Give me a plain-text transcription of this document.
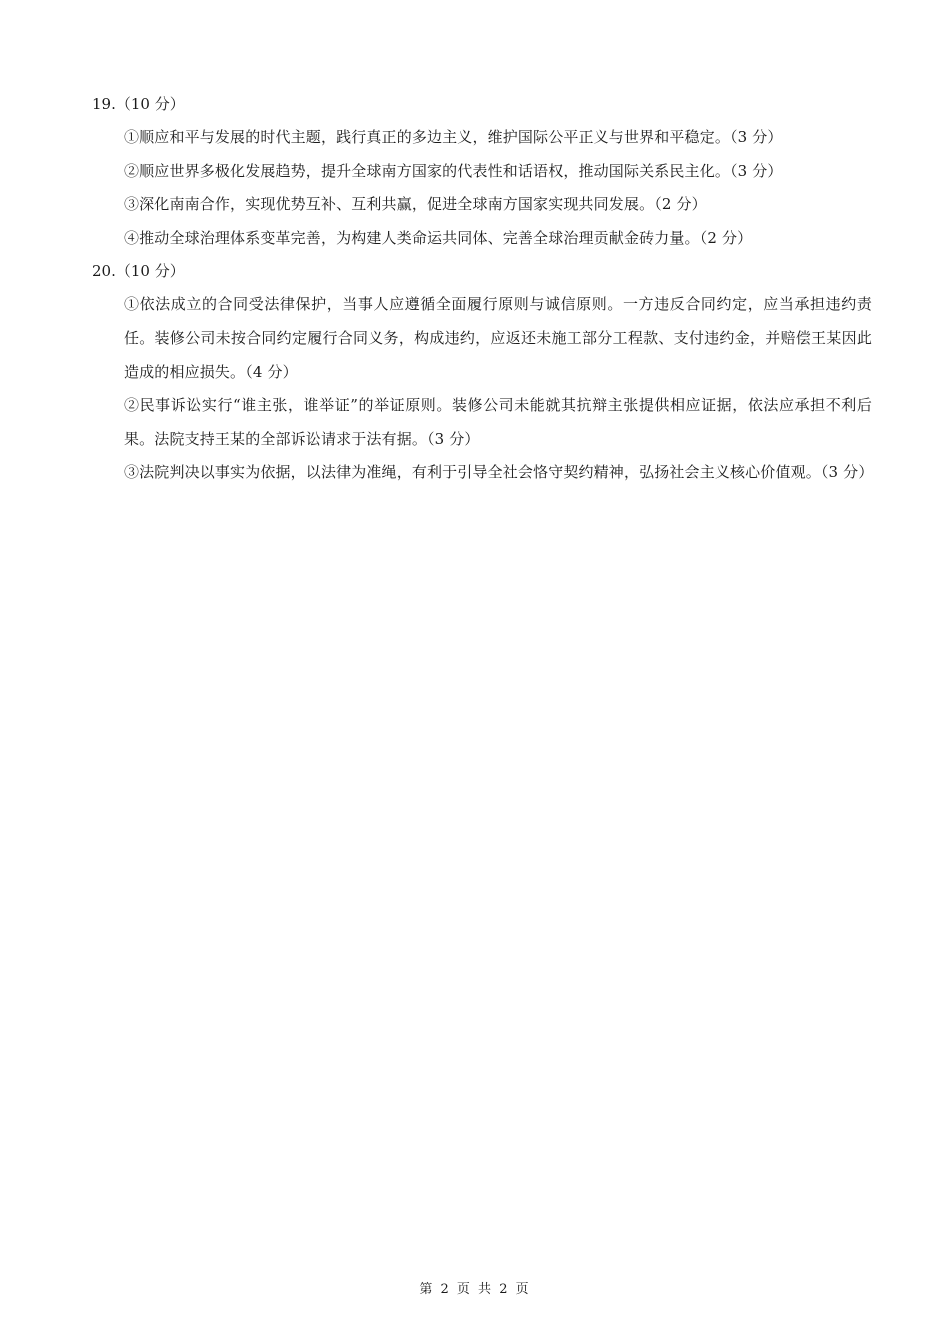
19.（10 分）
①顺应和平与发展的时代主题，践行真正的多边主义，维护国际公平正义与世界和平稳定。（3 分）
②顺应世界多极化发展趋势，提升全球南方国家的代表性和话语权，推动国际关系民主化。（3 分）
③深化南南合作，实现优势互补、互利共赢，促进全球南方国家实现共同发展。（2 分）
④推动全球治理体系变革完善，为构建人类命运共同体、完善全球治理贡献金砖力量。（2 分）
20.（10 分）
①依法成立的合同受法律保护，当事人应遵循全面履行原则与诚信原则。一方违反合同约定，应当承担违约责任。装修公司未按合同约定履行合同义务，构成违约，应返还未施工部分工程款、支付违约金，并赔偿王某因此造成的相应损失。（4 分）
②民事诉讼实行“谁主张，谁举证”的举证原则。装修公司未能就其抗辩主张提供相应证据，依法应承担不利后果。法院支持王某的全部诉讼请求于法有据。（3 分）
③法院判决以事实为依据，以法律为准绳，有利于引导全社会恪守契约精神，弘扬社会主义核心价值观。（3 分）
第 2 页 共 2 页
